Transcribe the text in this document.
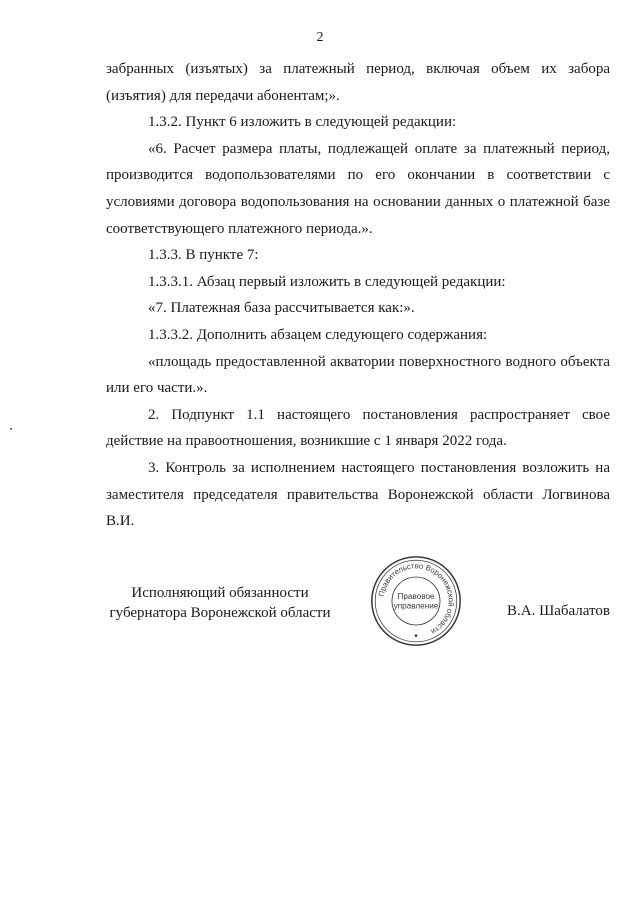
2

забранных (изъятых) за платежный период, включая объем их забора (изъятия) для передачи абонентам;».

1.3.2. Пункт 6 изложить в следующей редакции:

«6. Расчет размера платы, подлежащей оплате за платежный период, производится водопользователями по его окончании в соответствии с условиями договора водопользования на основании данных о платежной базе соответствующего платежного периода.».

1.3.3. В пункте 7:

1.3.3.1. Абзац первый изложить в следующей редакции:

«7. Платежная база рассчитывается как:».

1.3.3.2. Дополнить абзацем следующего содержания:

«площадь предоставленной акватории поверхностного водного объекта или его части.».

2. Подпункт 1.1 настоящего постановления распространяет свое действие на правоотношения, возникшие с 1 января 2022 года.

3. Контроль за исполнением настоящего постановления возложить на заместителя председателя правительства Воронежской области Логвинова В.И.

Исполняющий обязанности
губернатора Воронежской области
Правительство Воронежской области
Правовое
управление	В.А. Шабалатов
